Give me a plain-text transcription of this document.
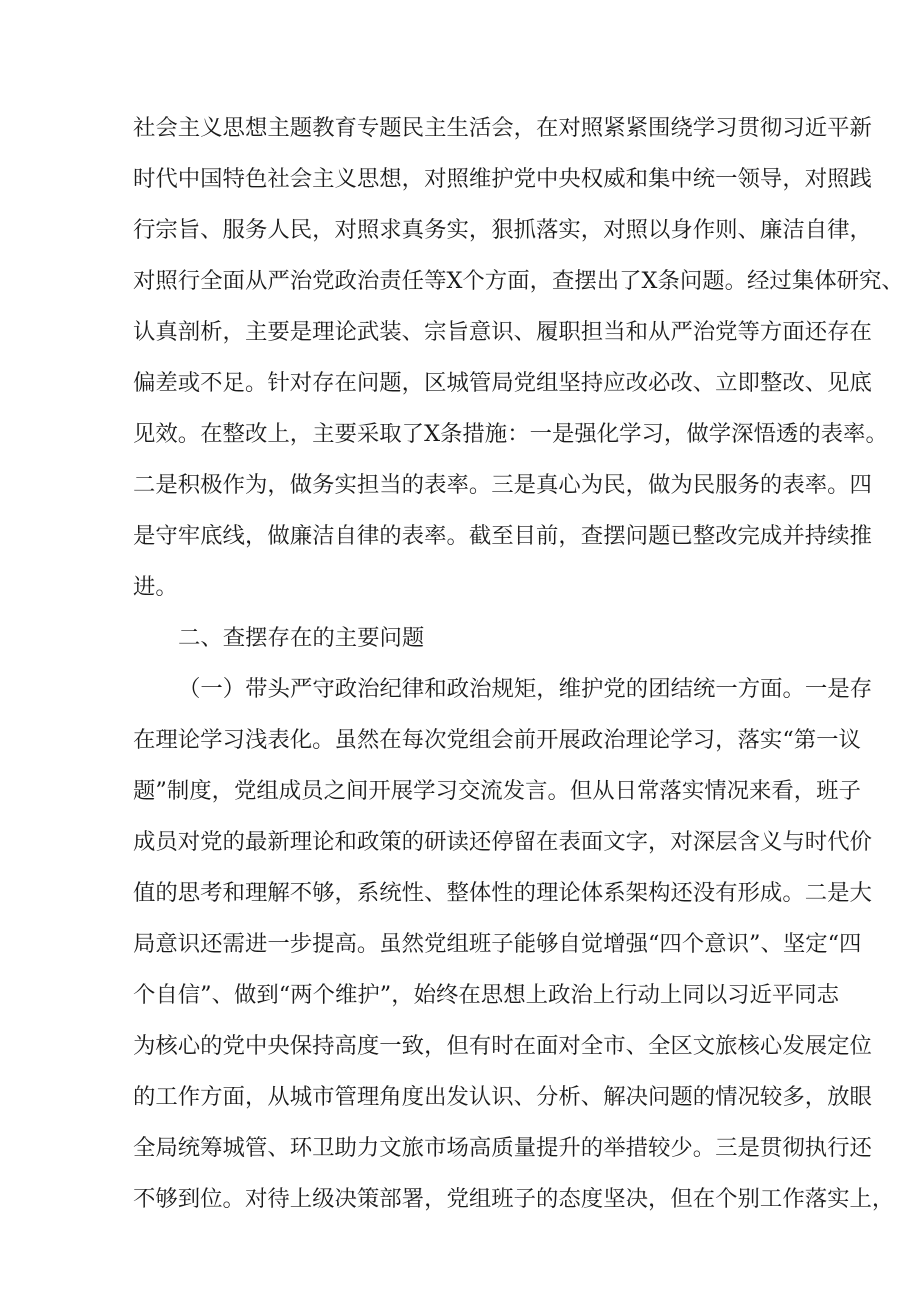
社会主义思想主题教育专题民主生活会，在对照紧紧围绕学习贯彻习近平新
时代中国特色社会主义思想，对照维护党中央权威和集中统一领导，对照践
行宗旨、服务人民，对照求真务实，狠抓落实，对照以身作则、廉洁自律，
对照行全面从严治党政治责任等X个方面，查摆出了X条问题。经过集体研究、
认真剖析，主要是理论武装、宗旨意识、履职担当和从严治党等方面还存在
偏差或不足。针对存在问题，区城管局党组坚持应改必改、立即整改、见底
见效。在整改上，主要采取了X条措施：一是强化学习，做学深悟透的表率。
二是积极作为，做务实担当的表率。三是真心为民，做为民服务的表率。四
是守牢底线，做廉洁自律的表率。截至目前，查摆问题已整改完成并持续推
进。
二、查摆存在的主要问题
（一）带头严守政治纪律和政治规矩，维护党的团结统一方面。一是存
在理论学习浅表化。虽然在每次党组会前开展政治理论学习，落实“第一议
题”制度，党组成员之间开展学习交流发言。但从日常落实情况来看，班子
成员对党的最新理论和政策的研读还停留在表面文字，对深层含义与时代价
值的思考和理解不够，系统性、整体性的理论体系架构还没有形成。二是大
局意识还需进一步提高。虽然党组班子能够自觉增强“四个意识”、坚定“四
个自信”、做到“两个维护”，始终在思想上政治上行动上同以习近平同志
为核心的党中央保持高度一致，但有时在面对全市、全区文旅核心发展定位
的工作方面，从城市管理角度出发认识、分析、解决问题的情况较多，放眼
全局统筹城管、环卫助力文旅市场高质量提升的举措较少。三是贯彻执行还
不够到位。对待上级决策部署，党组班子的态度坚决，但在个别工作落实上，
